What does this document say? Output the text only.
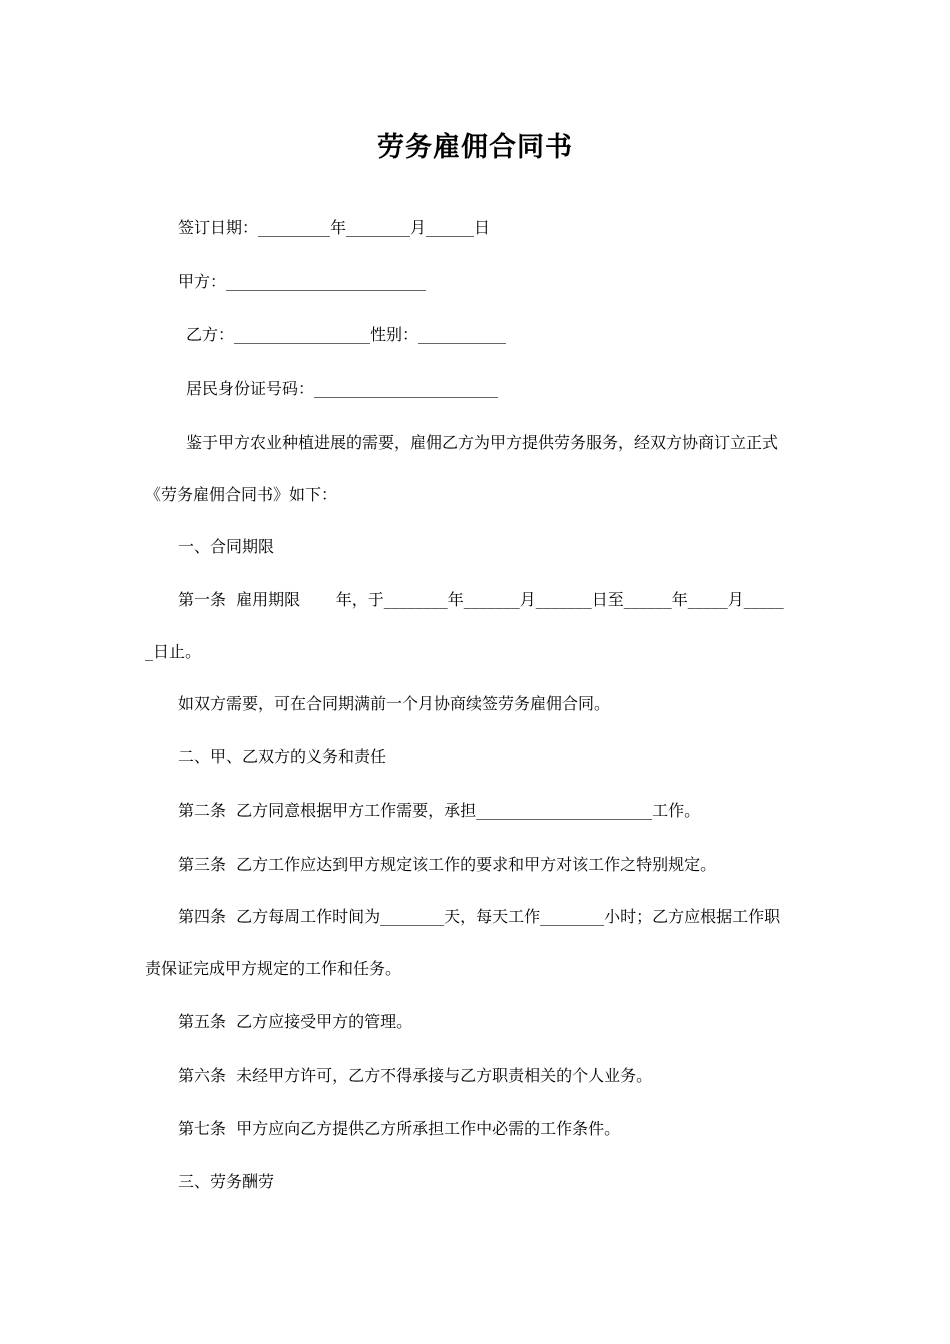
劳务雇佣合同书
签订日期：_________年________月______日
甲方：_________________________
乙方：_________________性别：___________
居民身份证号码：_______________________
鉴于甲方农业种植进展的需要，雇佣乙方为甲方提供劳务服务，经双方协商订立正式
《劳务雇佣合同书》如下：
一、合同期限
第一条  雇用期限       年，于________年_______月_______日至______年_____月_____
_日止。
如双方需要，可在合同期满前一个月协商续签劳务雇佣合同。
二、甲、乙双方的义务和责任
第二条  乙方同意根据甲方工作需要，承担______________________工作。
第三条  乙方工作应达到甲方规定该工作的要求和甲方对该工作之特别规定。
第四条  乙方每周工作时间为________天，每天工作________小时；乙方应根据工作职
责保证完成甲方规定的工作和任务。
第五条  乙方应接受甲方的管理。
第六条  未经甲方许可，乙方不得承接与乙方职责相关的个人业务。
第七条  甲方应向乙方提供乙方所承担工作中必需的工作条件。
三、劳务酬劳
